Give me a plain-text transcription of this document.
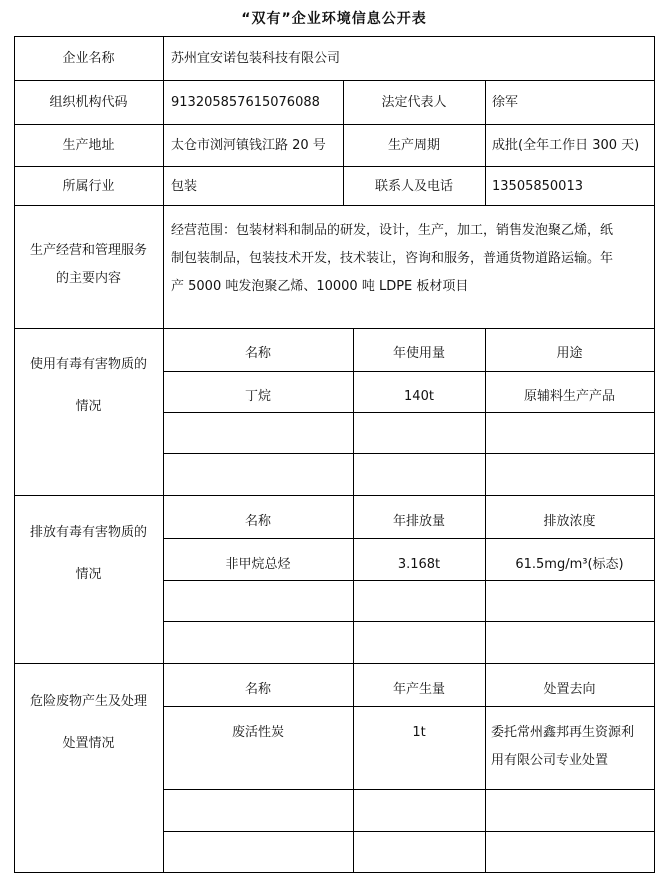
“双有”企业环境信息公开表
企业名称	苏州宜安诺包装科技有限公司
组织机构代码	913205857615076088	法定代表人	徐军
生产地址	太仓市浏河镇钱江路 20 号	生产周期	成批(全年工作日 300 天)
所属行业	包装	联系人及电话	13505850013
生产经营和管理服务
的主要内容
经营范围：包装材料和制品的研发，设计，生产，加工，销售发泡聚乙烯，纸
制包装制品，包装技术开发，技术装让，咨询和服务，普通货物道路运输。年
产 5000 吨发泡聚乙烯、10000 吨 LDPE 板材项目
使用有毒有害物质的
情况
名称	年使用量	用途
丁烷	140t	原辅料生产产品
排放有毒有害物质的
情况
名称	年排放量	排放浓度
非甲烷总烃	3.168t	61.5mg/m³(标态)
危险废物产生及处理
处置情况
名称	年产生量	处置去向
废活性炭	1t	委托常州鑫邦再生资源利
用有限公司专业处置
